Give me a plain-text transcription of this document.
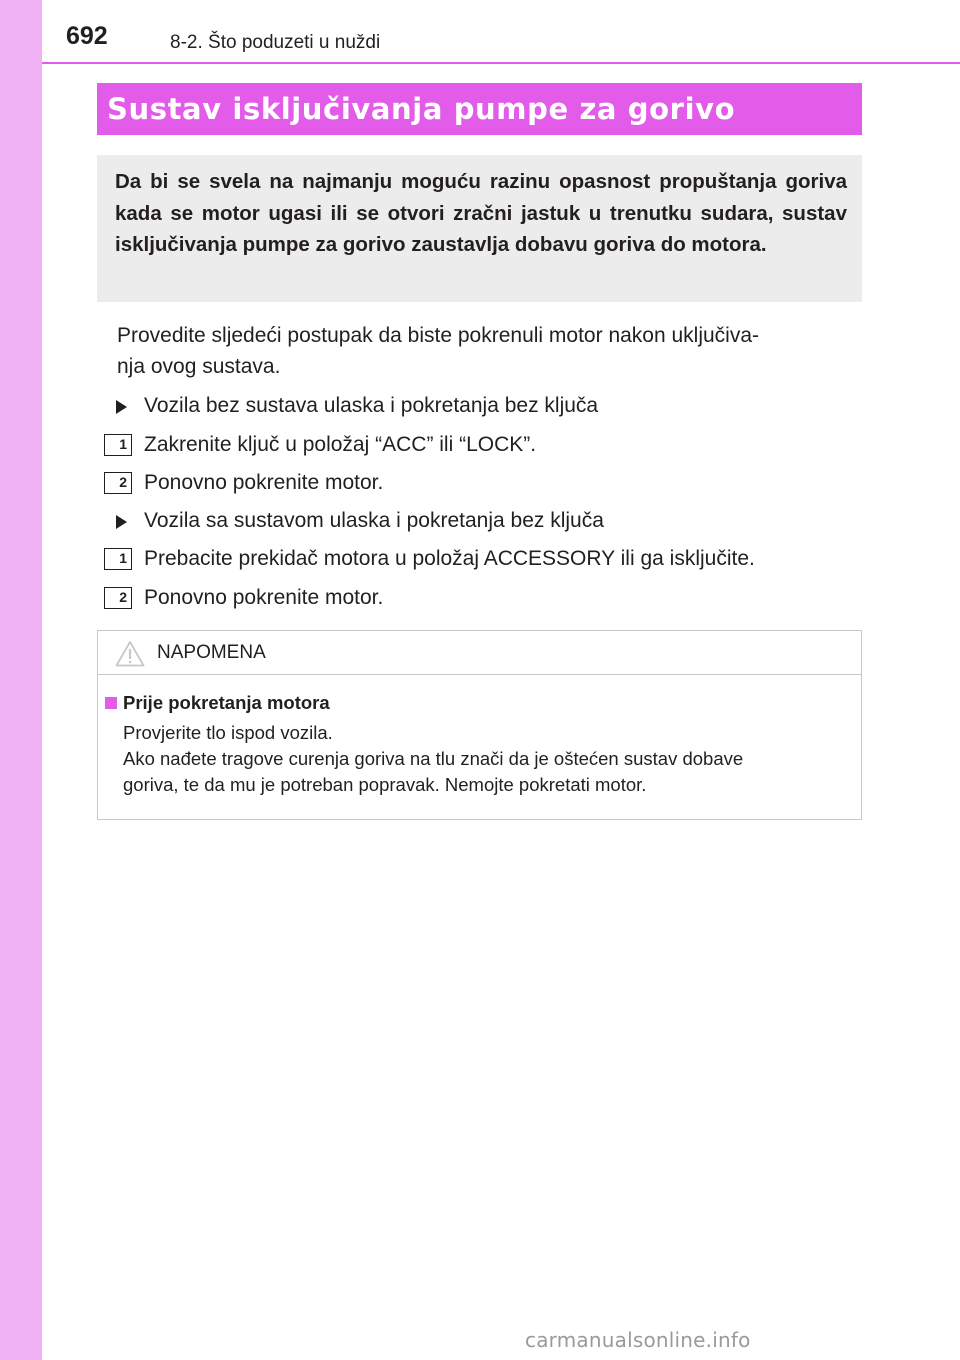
692	8-2. Što poduzeti u nuždi
Sustav isključivanja pumpe za gorivo

Da bi se svela na najmanju moguću razinu opasnost propuštanja goriva kada se motor ugasi ili se otvori zračni jastuk u trenutku sudara, sustav isključivanja pumpe za gorivo zaustavlja dobavu goriva do motora.

Provedite sljedeći postupak da biste pokrenuli motor nakon uključiva-
nja ovog sustava.

Vozila bez sustava ulaska i pokretanja bez ključa
1 Zakrenite ključ u položaj “ACC” ili “LOCK”.
2 Ponovno pokrenite motor.
Vozila sa sustavom ulaska i pokretanja bez ključa
1 Prebacite prekidač motora u položaj ACCESSORY ili ga isključite.
2 Ponovno pokrenite motor.
NAPOMENA
Prije pokretanja motora

Provjerite tlo ispod vozila.
Ako nađete tragove curenja goriva na tlu znači da je oštećen sustav dobave
goriva, te da mu je potreban popravak. Nemojte pokretati motor.

carmanualsonline.info
